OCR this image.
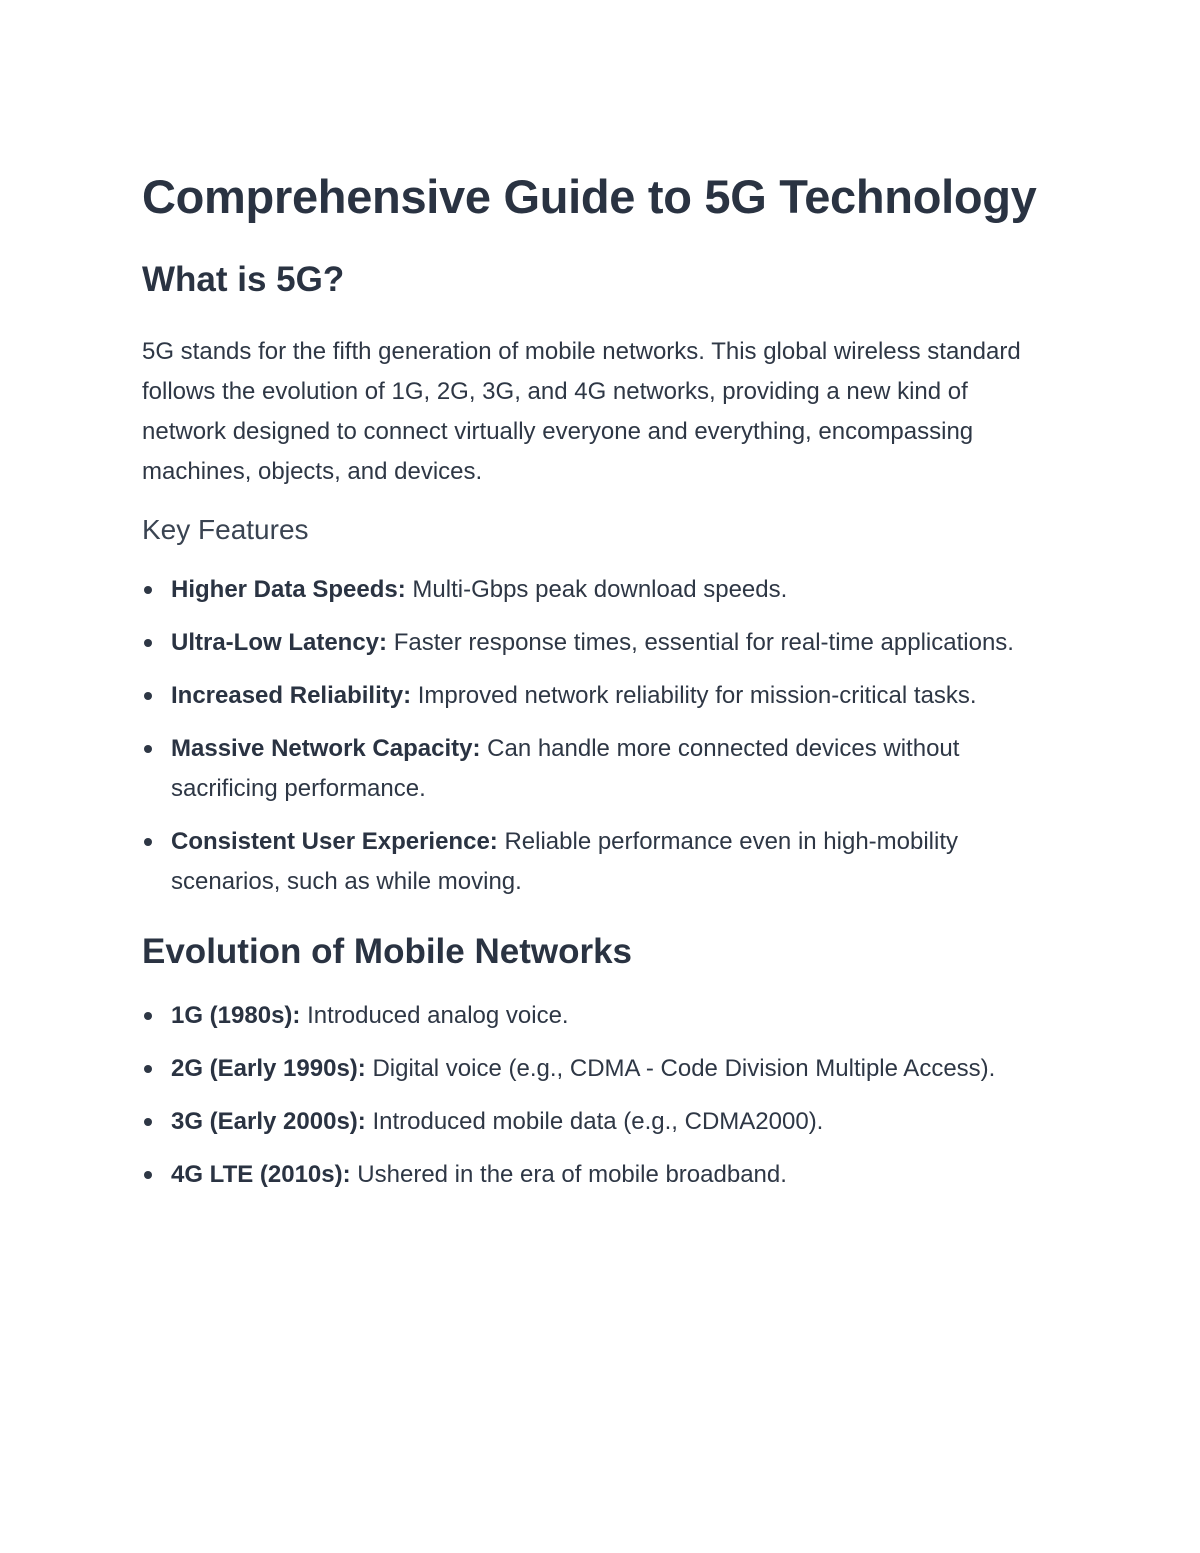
Comprehensive Guide to 5G Technology
What is 5G?

5G stands for the fifth generation of mobile networks. This global wireless standard follows the evolution of 1G, 2G, 3G, and 4G networks, providing a new kind of network designed to connect virtually everyone and everything, encompassing machines, objects, and devices.

Key Features
Higher Data Speeds: Multi-Gbps peak download speeds.
Ultra-Low Latency: Faster response times, essential for real-time applications.
Increased Reliability: Improved network reliability for mission-critical tasks.
Massive Network Capacity: Can handle more connected devices without sacrificing performance.
Consistent User Experience: Reliable performance even in high-mobility scenarios, such as while moving.
Evolution of Mobile Networks
1G (1980s): Introduced analog voice.
2G (Early 1990s): Digital voice (e.g., CDMA - Code Division Multiple Access).
3G (Early 2000s): Introduced mobile data (e.g., CDMA2000).
4G LTE (2010s): Ushered in the era of mobile broadband.
